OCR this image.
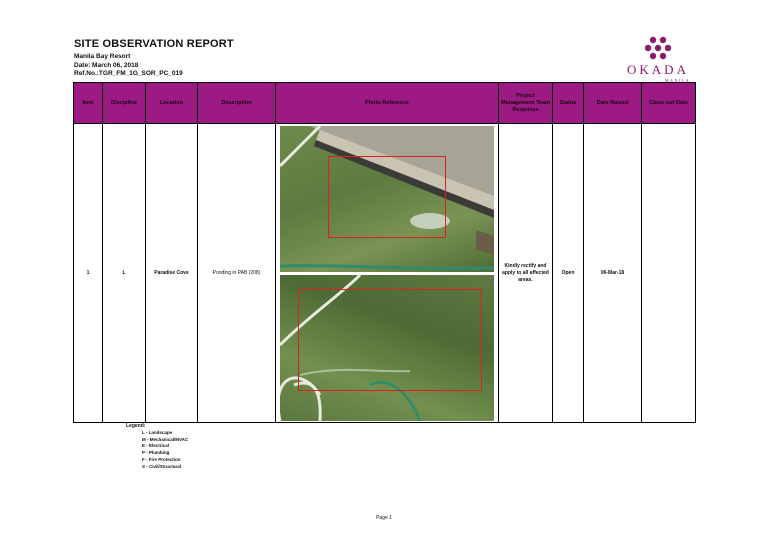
SITE OBSERVATION REPORT
Manila Bay Resort
Date: March 06, 2018
Ref.No.:TGR_FM_1G_SOR_PC_019	OKADA
MANILA
Item	Discipline	Location	Description	Photo Reference	Project Management Team Response	Status	Date Raised	Close-out Date
1	L	Paradise Cove	Ponding in PAB (208)		Kindly rectify and apply to all affected areas.	Open	06-Mar-18	
Legend:
L - Landscape
M - Mechanical/MVAC
E - Electrical
P - Plumbing
F - Fire Protection
S - Civil/Structural
Page 1
